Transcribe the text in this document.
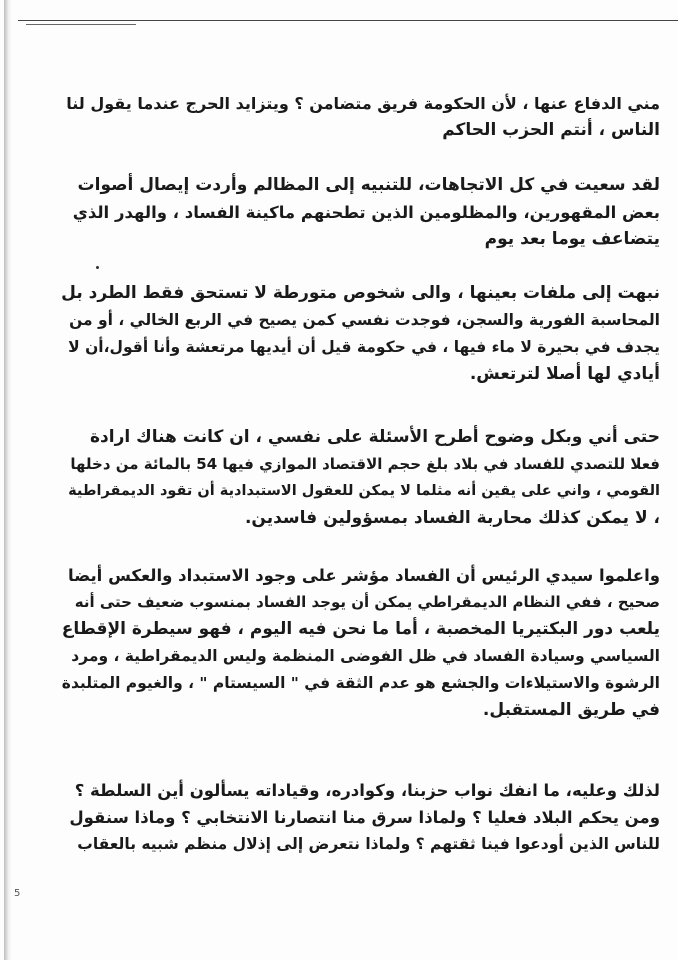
مني الدفاع عنها ، لأن الحكومة فريق متضامن ؟ ويتزايد الحرج عندما يقول لنا
الناس ، أنتم الحزب الحاكم
لقد سعيت في كل الاتجاهات، للتنبيه إلى المظالم وأردت إيصال أصوات
بعض المقهورين، والمظلومين الذين تطحنهم ماكينة الفساد ، والهدر الذي
يتضاعف يوما بعد يوم
نبهت إلى ملفات بعينها ، والى شخوص متورطة لا تستحق فقط الطرد بل
المحاسبة الفورية والسجن، فوجدت نفسي كمن يصيح في الربع الخالي ، أو من
يجدف في بحيرة لا ماء فيها ، في حكومة قيل أن أيديها مرتعشة وأنا أقول،أن لا
أيادي لها أصلا لترتعش.
حتى أني وبكل وضوح أطرح الأسئلة على نفسي ، ان كانت هناك ارادة
فعلا للتصدي للفساد في بلاد بلغ حجم الاقتصاد الموازي فيها 54 بالمائة من دخلها
القومي ، واني على يقين أنه مثلما لا يمكن للعقول الاستبدادية أن تقود الديمقراطية
، لا يمكن كذلك محاربة الفساد بمسؤولين فاسدين.
واعلموا سيدي الرئيس أن الفساد مؤشر على وجود الاستبداد والعكس أيضا
صحيح ، ففي النظام الديمقراطي يمكن أن يوجد الفساد بمنسوب ضعيف حتى أنه
يلعب دور البكتيريا المخصبة ، أما ما نحن فيه اليوم ، فهو سيطرة الإقطاع
السياسي وسيادة الفساد في ظل الفوضى المنظمة وليس الديمقراطية ، ومرد
الرشوة والاستيلاءات والجشع هو عدم الثقة في " السيستام " ، والغيوم المتلبدة
في طريق المستقبل.
لذلك وعليه، ما انفك نواب حزبنا، وكوادره، وقياداته يسألون أين السلطة ؟
ومن يحكم البلاد فعليا ؟ ولماذا سرق منا انتصارنا الانتخابي ؟ وماذا سنقول
للناس الذين أودعوا فينا ثقتهم ؟ ولماذا نتعرض إلى إذلال منظم شبيه بالعقاب
5
